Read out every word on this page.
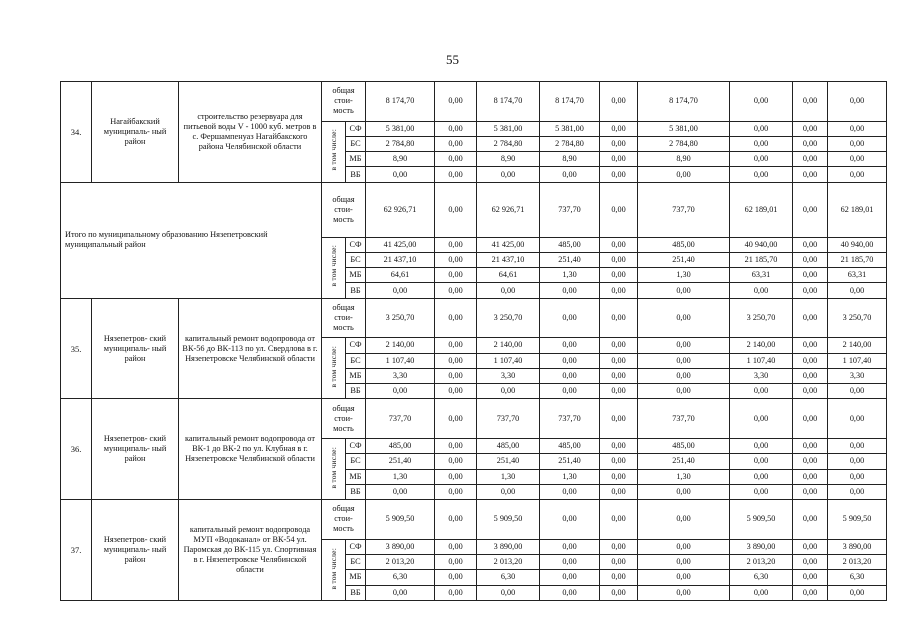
55
34.	Нагайбакский муниципаль- ный район	строительство резервуара для питьевой воды V - 1000 куб. метров в с. Фершампенуаз Нагайбакского района Челябинской области	общая стои- мость		8 174,70	0,00	8 174,70	8 174,70	0,00	8 174,70	0,00	0,00	0,00
			в том числе:	СФ	5 381,00	0,00	5 381,00	5 381,00	0,00	5 381,00	0,00	0,00	0,00
				БС	2 784,80	0,00	2 784,80	2 784,80	0,00	2 784,80	0,00	0,00	0,00
				МБ	8,90	0,00	8,90	8,90	0,00	8,90	0,00	0,00	0,00
				ВБ	0,00	0,00	0,00	0,00	0,00	0,00	0,00	0,00	0,00
Итого по муниципальному образованию Нязепетровский муниципальный район			общая стои- мость		62 926,71	0,00	62 926,71	737,70	0,00	737,70	62 189,01	0,00	62 189,01
			в том числе:	СФ	41 425,00	0,00	41 425,00	485,00	0,00	485,00	40 940,00	0,00	40 940,00
				БС	21 437,10	0,00	21 437,10	251,40	0,00	251,40	21 185,70	0,00	21 185,70
				МБ	64,61	0,00	64,61	1,30	0,00	1,30	63,31	0,00	63,31
				ВБ	0,00	0,00	0,00	0,00	0,00	0,00	0,00	0,00	0,00
35.	Нязепетров- ский муниципаль- ный район	капитальный ремонт водопровода от ВК-56 до ВК-113 по ул. Свердлова в г. Нязепетровске Челябинской области	общая стои- мость		3 250,70	0,00	3 250,70	0,00	0,00	0,00	3 250,70	0,00	3 250,70
			в том числе:	СФ	2 140,00	0,00	2 140,00	0,00	0,00	0,00	2 140,00	0,00	2 140,00
				БС	1 107,40	0,00	1 107,40	0,00	0,00	0,00	1 107,40	0,00	1 107,40
				МБ	3,30	0,00	3,30	0,00	0,00	0,00	3,30	0,00	3,30
				ВБ	0,00	0,00	0,00	0,00	0,00	0,00	0,00	0,00	0,00
36.	Нязепетров- ский муниципаль- ный район	капитальный ремонт водопровода от ВК-1 до ВК-2 по ул. Клубная в г. Нязепетровске Челябинской области	общая стои- мость		737,70	0,00	737,70	737,70	0,00	737,70	0,00	0,00	0,00
			в том числе:	СФ	485,00	0,00	485,00	485,00	0,00	485,00	0,00	0,00	0,00
				БС	251,40	0,00	251,40	251,40	0,00	251,40	0,00	0,00	0,00
				МБ	1,30	0,00	1,30	1,30	0,00	1,30	0,00	0,00	0,00
				ВБ	0,00	0,00	0,00	0,00	0,00	0,00	0,00	0,00	0,00
37.	Нязепетров- ский муниципаль- ный район	капитальный ремонт водопровода МУП «Водоканал» от ВК-54 ул. Паромская до ВК-115 ул. Спортивная в г. Нязепетровске Челябинской области	общая стои- мость		5 909,50	0,00	5 909,50	0,00	0,00	0,00	5 909,50	0,00	5 909,50
			в том числе:	СФ	3 890,00	0,00	3 890,00	0,00	0,00	0,00	3 890,00	0,00	3 890,00
				БС	2 013,20	0,00	2 013,20	0,00	0,00	0,00	2 013,20	0,00	2 013,20
				МБ	6,30	0,00	6,30	0,00	0,00	0,00	6,30	0,00	6,30
				ВБ	0,00	0,00	0,00	0,00	0,00	0,00	0,00	0,00	0,00
